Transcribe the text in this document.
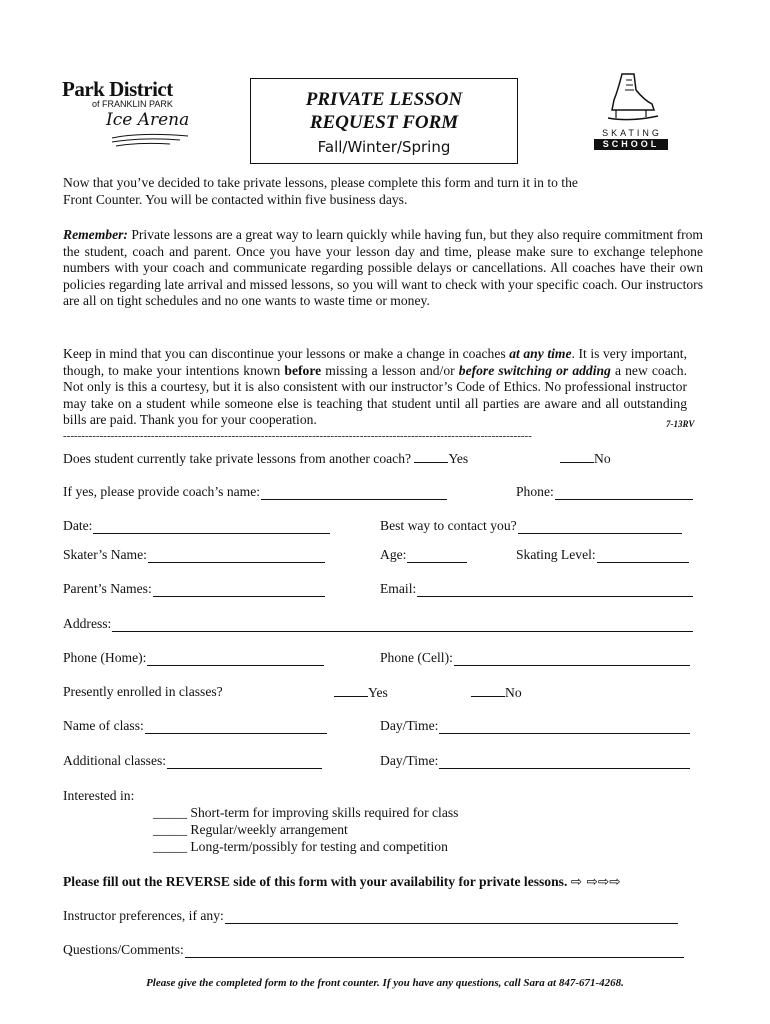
Park District
of FRANKLIN PARK
Ice Arena
PRIVATE LESSON
REQUEST FORM
Fall/Winter/Spring
SKATING
SCHOOL
Now that you’ve decided to take private lessons, please complete this form and turn it in to the
Front Counter. You will be contacted within five business days.
Remember: Private lessons are a great way to learn quickly while having fun, but they also require commitment from the student, coach and parent. Once you have your lesson day and time, please make sure to exchange telephone numbers with your coach and communicate regarding possible delays or cancellations. All coaches have their own policies regarding late arrival and missed lessons, so you will want to check with your specific coach. Our instructors are all on tight schedules and no one wants to waste time or money.
Keep in mind that you can discontinue your lessons or make a change in coaches at any time. It is very important, though, to make your intentions known before missing a lesson and/or before switching or adding a new coach. Not only is this a courtesy, but it is also consistent with our instructor’s Code of Ethics. No professional instructor may take on a student while someone else is teaching that student until all parties are aware and all outstanding bills are paid. Thank you for your cooperation.	7-13RV
--------------------------------------------------------------------------------------------------------------------------------
Does student currently take private lessons from another coach?	Yes	No
If yes, please provide coach’s name:	Phone:
Date:	Best way to contact you?
Skater’s Name:	Age:	Skating Level:
Parent’s Names:	Email:
Address:
Phone (Home):	Phone (Cell):
Presently enrolled in classes?	Yes	No
Name of class:	Day/Time:
Additional classes:	Day/Time:
Interested in:
_____ Short-term for improving skills required for class
_____ Regular/weekly arrangement
_____ Long-term/possibly for testing and competition
Please fill out the REVERSE side of this form with your availability for private lessons. ⇨ ⇨⇨⇨
Instructor preferences, if any:
Questions/Comments:
Please give the completed form to the front counter. If you have any questions, call Sara at 847-671-4268.
